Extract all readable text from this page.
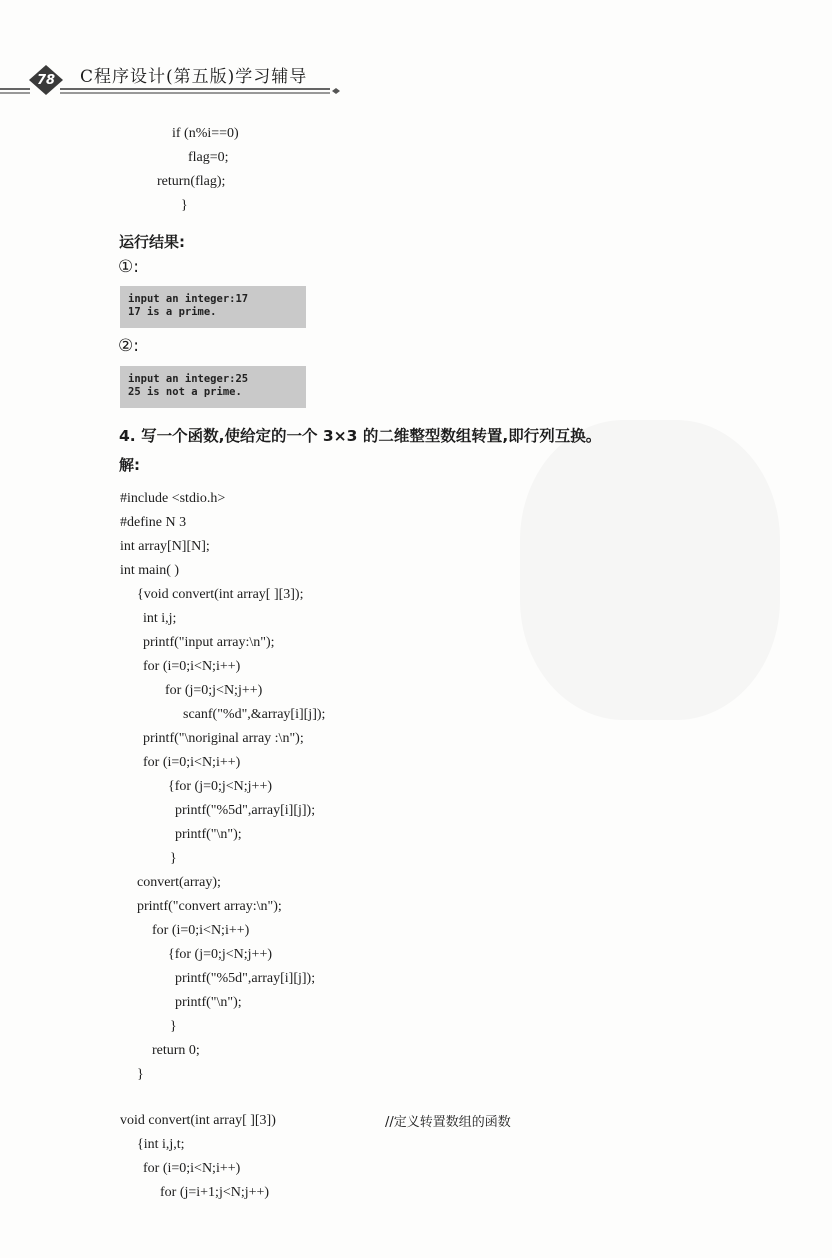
78 C程序设计(第五版)学习辅导
if (n%i==0)
flag=0;
return(flag);
}
运行结果:
①:
input an integer:17
17 is a prime.
②:
input an integer:25
25 is not a prime.
4. 写一个函数,使给定的一个 3×3 的二维整型数组转置,即行列互换。
解:
#include <stdio.h>
#define N 3
int array[N][N];
int main( )
{void convert(int array[ ][3]);
int i,j;
printf("input array:\n");
for (i=0;i<N;i++)
for (j=0;j<N;j++)
scanf("%d",&array[i][j]);
printf("\noriginal array :\n");
for (i=0;i<N;i++)
{for (j=0;j<N;j++)
printf("%5d",array[i][j]);
printf("\n");
}
convert(array);
printf("convert array:\n");
for (i=0;i<N;i++)
{for (j=0;j<N;j++)
printf("%5d",array[i][j]);
printf("\n");
}
return 0;
}
void convert(int array[ ][3])	//定义转置数组的函数
{int i,j,t;
for (i=0;i<N;i++)
for (j=i+1;j<N;j++)
